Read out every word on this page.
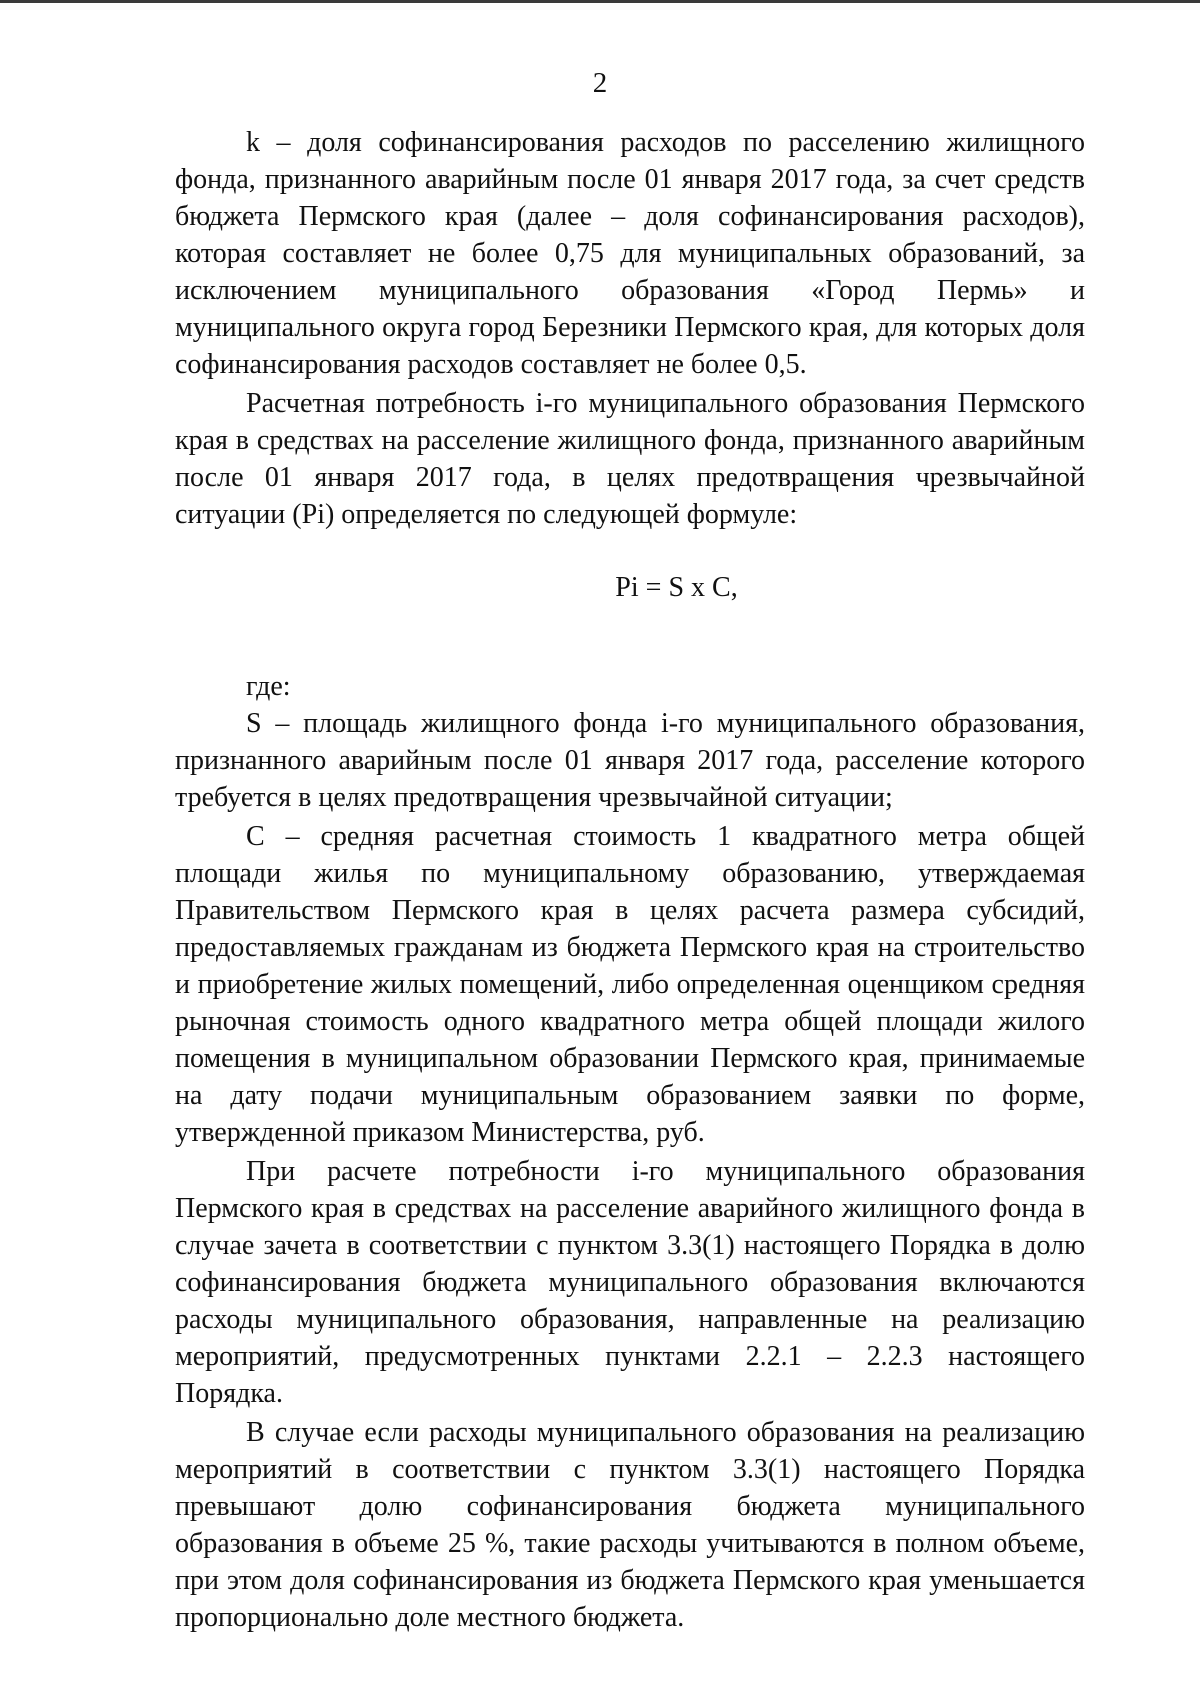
2

k – доля софинансирования расходов по расселению жилищного фонда, признанного аварийным после 01 января 2017 года, за счет средств бюджета Пермского края (далее – доля софинансирования расходов), которая составляет не более 0,75 для муниципальных образований, за исключением муниципального образования «Город Пермь» и муниципального округа город Березники Пермского края, для которых доля софинансирования расходов составляет не более 0,5.

Расчетная потребность i-го муниципального образования Пермского края в средствах на расселение жилищного фонда, признанного аварийным после 01 января 2017 года, в целях предотвращения чрезвычайной ситуации (Pi) определяется по следующей формуле:

Pi = S x C,

где:

S – площадь жилищного фонда i-го муниципального образования, признанного аварийным после 01 января 2017 года, расселение которого требуется в целях предотвращения чрезвычайной ситуации;

C – средняя расчетная стоимость 1 квадратного метра общей площади жилья по муниципальному образованию, утверждаемая Правительством Пермского края в целях расчета размера субсидий, предоставляемых гражданам из бюджета Пермского края на строительство и приобретение жилых помещений, либо определенная оценщиком средняя рыночная стоимость одного квадратного метра общей площади жилого помещения в муниципальном образовании Пермского края, принимаемые на дату подачи муниципальным образованием заявки по форме, утвержденной приказом Министерства, руб.

При расчете потребности i-го муниципального образования Пермского края в средствах на расселение аварийного жилищного фонда в случае зачета в соответствии с пунктом 3.3(1) настоящего Порядка в долю софинансирования бюджета муниципального образования включаются расходы муниципального образования, направленные на реализацию мероприятий, предусмотренных пунктами 2.2.1 – 2.2.3 настоящего Порядка.

В случае если расходы муниципального образования на реализацию мероприятий в соответствии с пунктом 3.3(1) настоящего Порядка превышают долю софинансирования бюджета муниципального образования в объеме 25 %, такие расходы учитываются в полном объеме, при этом доля софинансирования из бюджета Пермского края уменьшается пропорционально доле местного бюджета.
